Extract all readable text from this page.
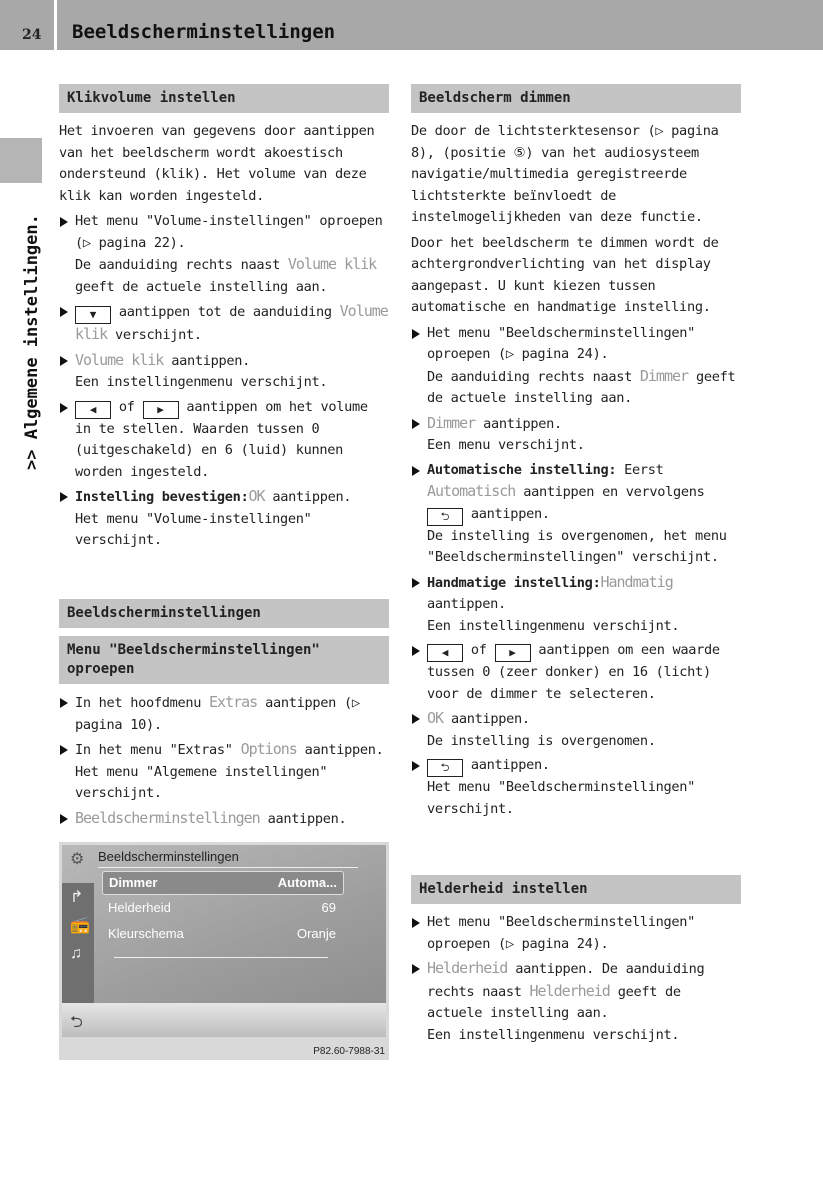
24 Beeldscherminstellingen
>> Algemene instellingen.
Klikvolume instellen
Het invoeren van gegevens door aantippen van het beeldscherm wordt akoestisch ondersteund (klik). Het volume van deze klik kan worden ingesteld.
Het menu "Volume-instellingen" oproepen (▷ pagina 22).
De aanduiding rechts naast Volume klik geeft de actuele instelling aan.
▼ aantippen tot de aanduiding Volume klik verschijnt.
Volume klik aantippen.
Een instellingenmenu verschijnt.
◀ of ▶ aantippen om het volume in te stellen. Waarden tussen 0 (uitgeschakeld) en 6 (luid) kunnen worden ingesteld.
Instelling bevestigen:OK aantippen.
Het menu "Volume-instellingen" verschijnt.
Beeldscherminstellingen
Menu "Beeldscherminstellingen" oproepen
In het hoofdmenu Extras aantippen (▷ pagina 10).
In het menu "Extras" Options aantippen.
Het menu "Algemene instellingen" verschijnt.
Beeldscherminstellingen aantippen.
⚙ Beeldscherminstellingen
↱
📻
♫
Dimmer	Automa...
Helderheid	69
Kleurschema	Oranje
⮌
P82.60-7988-31
Beeldscherm dimmen
De door de lichtsterktesensor (▷ pagina 8), (positie ⑤) van het audiosysteem navigatie/multimedia geregistreerde lichtsterkte beïnvloedt de instelmogelijkheden van deze functie.
Door het beeldscherm te dimmen wordt de achtergrondverlichting van het display aangepast. U kunt kiezen tussen automatische en handmatige instelling.
Het menu "Beeldscherminstellingen" oproepen (▷ pagina 24).
De aanduiding rechts naast Dimmer geeft de actuele instelling aan.
Dimmer aantippen.
Een menu verschijnt.
Automatische instelling: Eerst Automatisch aantippen en vervolgens ⮌ aantippen.
De instelling is overgenomen, het menu "Beeldscherminstellingen" verschijnt.
Handmatige instelling:Handmatig aantippen.
Een instellingenmenu verschijnt.
◀ of ▶ aantippen om een waarde tussen 0 (zeer donker) en 16 (licht) voor de dimmer te selecteren.
OK aantippen.
De instelling is overgenomen.
⮌ aantippen.
Het menu "Beeldscherminstellingen" verschijnt.
Helderheid instellen
Het menu "Beeldscherminstellingen" oproepen (▷ pagina 24).
Helderheid aantippen. De aanduiding rechts naast Helderheid geeft de actuele instelling aan.
Een instellingenmenu verschijnt.
